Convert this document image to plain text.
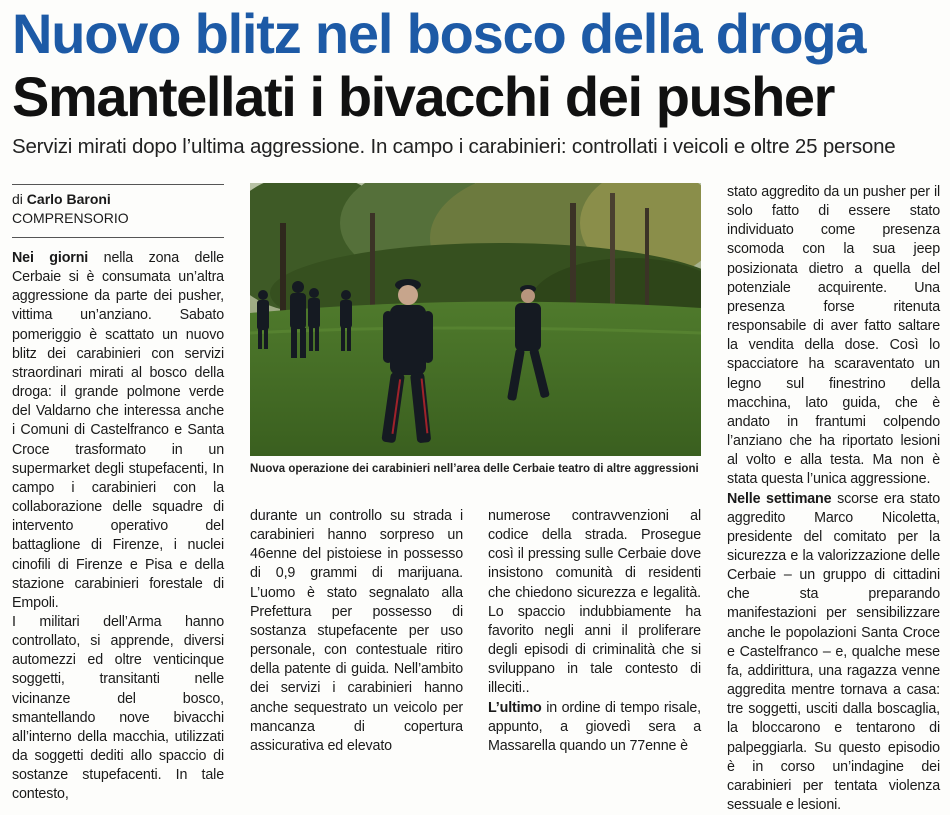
Nuovo blitz nel bosco della droga
Smantellati i bivacchi dei pusher
Servizi mirati dopo l’ultima aggressione. In campo i carabinieri: controllati i veicoli e oltre 25 persone
di Carlo Baroni
COMPRENSORIO

Nei giorni nella zona delle Cerbaie si è consumata un’altra aggressione da parte dei pusher, vittima un’anziano. Sabato pomeriggio è scattato un nuovo blitz dei carabinieri con servizi straordinari mirati al bosco della droga: il grande polmone verde del Valdarno che interessa anche i Comuni di Castelfranco e Santa Croce trasformato in un supermarket degli stupefacenti, In campo i carabinieri con la collaborazione delle squadre di intervento operativo del battaglione di Firenze, i nuclei cinofili di Firenze e Pisa e della stazione carabinieri forestale di Empoli.

I militari dell’Arma hanno controllato, si apprende, diversi automezzi ed oltre venticinque soggetti, transitanti nelle vicinanze del bosco, smantellando nove bivacchi all’interno della macchia, utilizzati da soggetti dediti allo spaccio di sostanze stupefacenti. In tale contesto,

Nuova operazione dei carabinieri nell’area delle Cerbaie teatro di altre aggressioni

durante un controllo su strada i carabinieri hanno sorpreso un 46enne del pistoiese in possesso di 0,9 grammi di marijuana. L’uomo è stato segnalato alla Prefettura per possesso di sostanza stupefacente per uso personale, con contestuale ritiro della patente di guida. Nell’ambito dei servizi i carabinieri hanno anche sequestrato un veicolo per mancanza di copertura assicurativa ed elevato

numerose contravvenzioni al codice della strada. Prosegue così il pressing sulle Cerbaie dove insistono comunità di residenti che chiedono sicurezza e legalità. Lo spaccio indubbiamente ha favorito negli anni il proliferare degli episodi di criminalità che si sviluppano in tale contesto di illeciti..

L’ultimo in ordine di tempo risale, appunto, a giovedì sera a Massarella quando un 77enne è

stato aggredito da un pusher per il solo fatto di essere stato individuato come presenza scomoda con la sua jeep posizionata dietro a quella del potenziale acquirente. Una presenza forse ritenuta responsabile di aver fatto saltare la vendita della dose. Così lo spacciatore ha scaraventato un legno sul finestrino della macchina, lato guida, che è andato in frantumi colpendo l’anziano che ha riportato lesioni al volto e alla testa. Ma non è stata questa l’unica aggressione.

Nelle settimane scorse era stato aggredito Marco Nicoletta, presidente del comitato per la sicurezza e la valorizzazione delle Cerbaie – un gruppo di cittadini che sta preparando manifestazioni per sensibilizzare anche le popolazioni Santa Croce e Castelfranco – e, qualche mese fa, addirittura, una ragazza venne aggredita mentre tornava a casa: tre soggetti, usciti dalla boscaglia, la bloccarono e tentarono di palpeggiarla. Su questo episodio è in corso un’indagine dei carabinieri per tentata violenza sessuale e lesioni.
